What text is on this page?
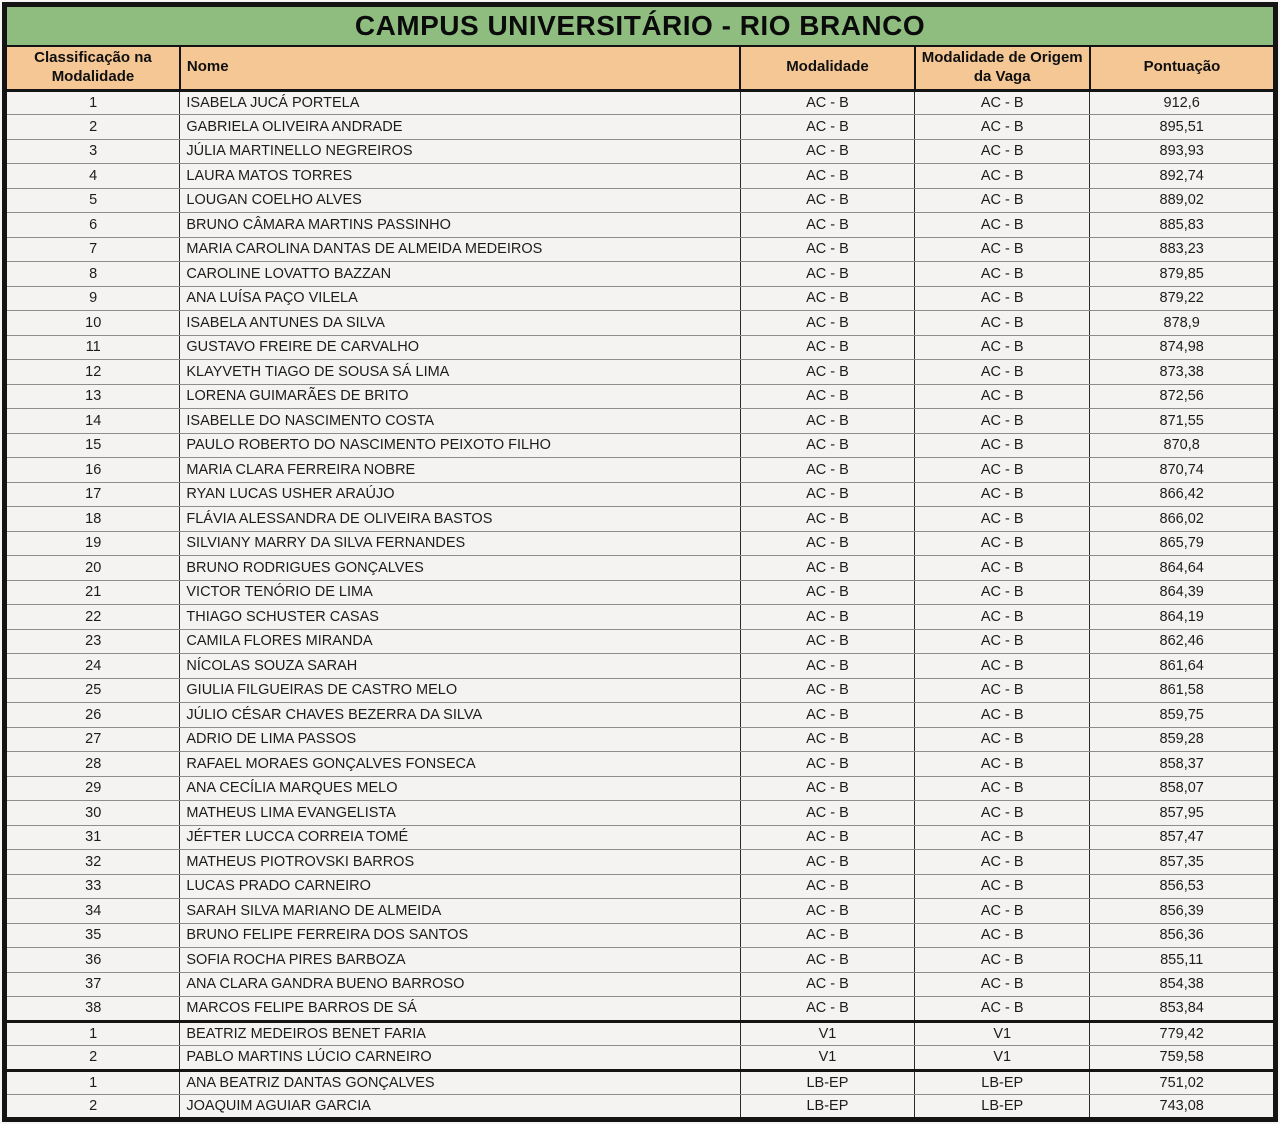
CAMPUS UNIVERSITÁRIO - RIO BRANCO				
Classificação na Modalidade	Nome	Modalidade	Modalidade de Origem da Vaga	Pontuação
1	ISABELA JUCÁ PORTELA	AC - B	AC - B	912,6
2	GABRIELA OLIVEIRA ANDRADE	AC - B	AC - B	895,51
3	JÚLIA MARTINELLO NEGREIROS	AC - B	AC - B	893,93
4	LAURA MATOS TORRES	AC - B	AC - B	892,74
5	LOUGAN COELHO ALVES	AC - B	AC - B	889,02
6	BRUNO CÂMARA MARTINS PASSINHO	AC - B	AC - B	885,83
7	MARIA CAROLINA DANTAS DE ALMEIDA MEDEIROS	AC - B	AC - B	883,23
8	CAROLINE LOVATTO BAZZAN	AC - B	AC - B	879,85
9	ANA LUÍSA PAÇO VILELA	AC - B	AC - B	879,22
10	ISABELA ANTUNES DA SILVA	AC - B	AC - B	878,9
11	GUSTAVO FREIRE DE CARVALHO	AC - B	AC - B	874,98
12	KLAYVETH TIAGO DE SOUSA SÁ LIMA	AC - B	AC - B	873,38
13	LORENA GUIMARÃES DE BRITO	AC - B	AC - B	872,56
14	ISABELLE DO NASCIMENTO COSTA	AC - B	AC - B	871,55
15	PAULO ROBERTO DO NASCIMENTO PEIXOTO FILHO	AC - B	AC - B	870,8
16	MARIA CLARA FERREIRA NOBRE	AC - B	AC - B	870,74
17	RYAN LUCAS USHER ARAÚJO	AC - B	AC - B	866,42
18	FLÁVIA ALESSANDRA DE OLIVEIRA BASTOS	AC - B	AC - B	866,02
19	SILVIANY MARRY DA SILVA FERNANDES	AC - B	AC - B	865,79
20	BRUNO RODRIGUES GONÇALVES	AC - B	AC - B	864,64
21	VICTOR TENÓRIO DE LIMA	AC - B	AC - B	864,39
22	THIAGO SCHUSTER CASAS	AC - B	AC - B	864,19
23	CAMILA FLORES MIRANDA	AC - B	AC - B	862,46
24	NÍCOLAS SOUZA SARAH	AC - B	AC - B	861,64
25	GIULIA FILGUEIRAS DE CASTRO MELO	AC - B	AC - B	861,58
26	JÚLIO CÉSAR CHAVES BEZERRA DA SILVA	AC - B	AC - B	859,75
27	ADRIO DE LIMA PASSOS	AC - B	AC - B	859,28
28	RAFAEL MORAES GONÇALVES FONSECA	AC - B	AC - B	858,37
29	ANA CECÍLIA MARQUES MELO	AC - B	AC - B	858,07
30	MATHEUS LIMA EVANGELISTA	AC - B	AC - B	857,95
31	JÉFTER LUCCA CORREIA TOMÉ	AC - B	AC - B	857,47
32	MATHEUS PIOTROVSKI BARROS	AC - B	AC - B	857,35
33	LUCAS PRADO CARNEIRO	AC - B	AC - B	856,53
34	SARAH SILVA MARIANO DE ALMEIDA	AC - B	AC - B	856,39
35	BRUNO FELIPE FERREIRA DOS SANTOS	AC - B	AC - B	856,36
36	SOFIA ROCHA PIRES BARBOZA	AC - B	AC - B	855,11
37	ANA CLARA GANDRA BUENO BARROSO	AC - B	AC - B	854,38
38	MARCOS FELIPE BARROS DE SÁ	AC - B	AC - B	853,84
1	BEATRIZ MEDEIROS BENET FARIA	V1	V1	779,42
2	PABLO MARTINS LÚCIO CARNEIRO	V1	V1	759,58
1	ANA BEATRIZ DANTAS GONÇALVES	LB-EP	LB-EP	751,02
2	JOAQUIM AGUIAR GARCIA	LB-EP	LB-EP	743,08
